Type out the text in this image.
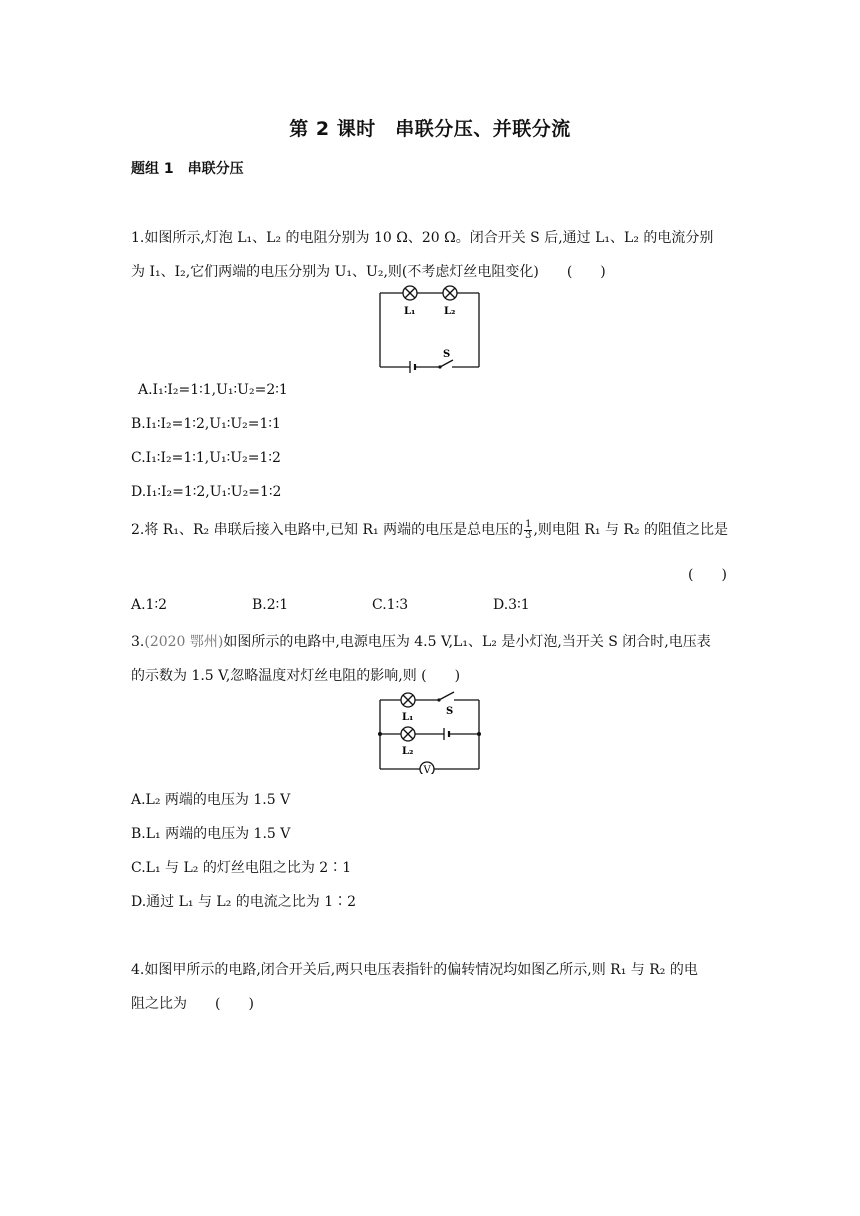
第 2 课时　串联分压、并联分流
题组 1　串联分压
1.如图所示,灯泡 L₁、L₂ 的电阻分别为 10 Ω、20 Ω。闭合开关 S 后,通过 L₁、L₂ 的电流分别
为 I₁、I₂,它们两端的电压分别为 U₁、U₂,则(不考虑灯丝电阻变化)　　(　　)
L₁	L₂
S
A.I₁∶I₂=1∶1,U₁∶U₂=2∶1
B.I₁∶I₂=1∶2,U₁∶U₂=1∶1
C.I₁∶I₂=1∶1,U₁∶U₂=1∶2
D.I₁∶I₂=1∶2,U₁∶U₂=1∶2
2.将 R₁、R₂ 串联后接入电路中,已知 R₁ 两端的电压是总电压的 $\frac{1}{3}$ ,则电阻 R₁ 与 R₂ 的阻值之比是
(　　)
A.1∶2	B.2∶1	C.1∶3	D.3∶1
3.(2020 鄂州)如图所示的电路中,电源电压为 4.5 V,L₁、L₂ 是小灯泡,当开关 S 闭合时,电压表
的示数为 1.5 V,忽略温度对灯丝电阻的影响,则 (　　)
L₁
L₂
S
V
A.L₂ 两端的电压为 1.5 V
B.L₁ 两端的电压为 1.5 V
C.L₁ 与 L₂ 的灯丝电阻之比为 2∶1
D.通过 L₁ 与 L₂ 的电流之比为 1∶2
4.如图甲所示的电路,闭合开关后,两只电压表指针的偏转情况均如图乙所示,则 R₁ 与 R₂ 的电
阻之比为　　(　　)
